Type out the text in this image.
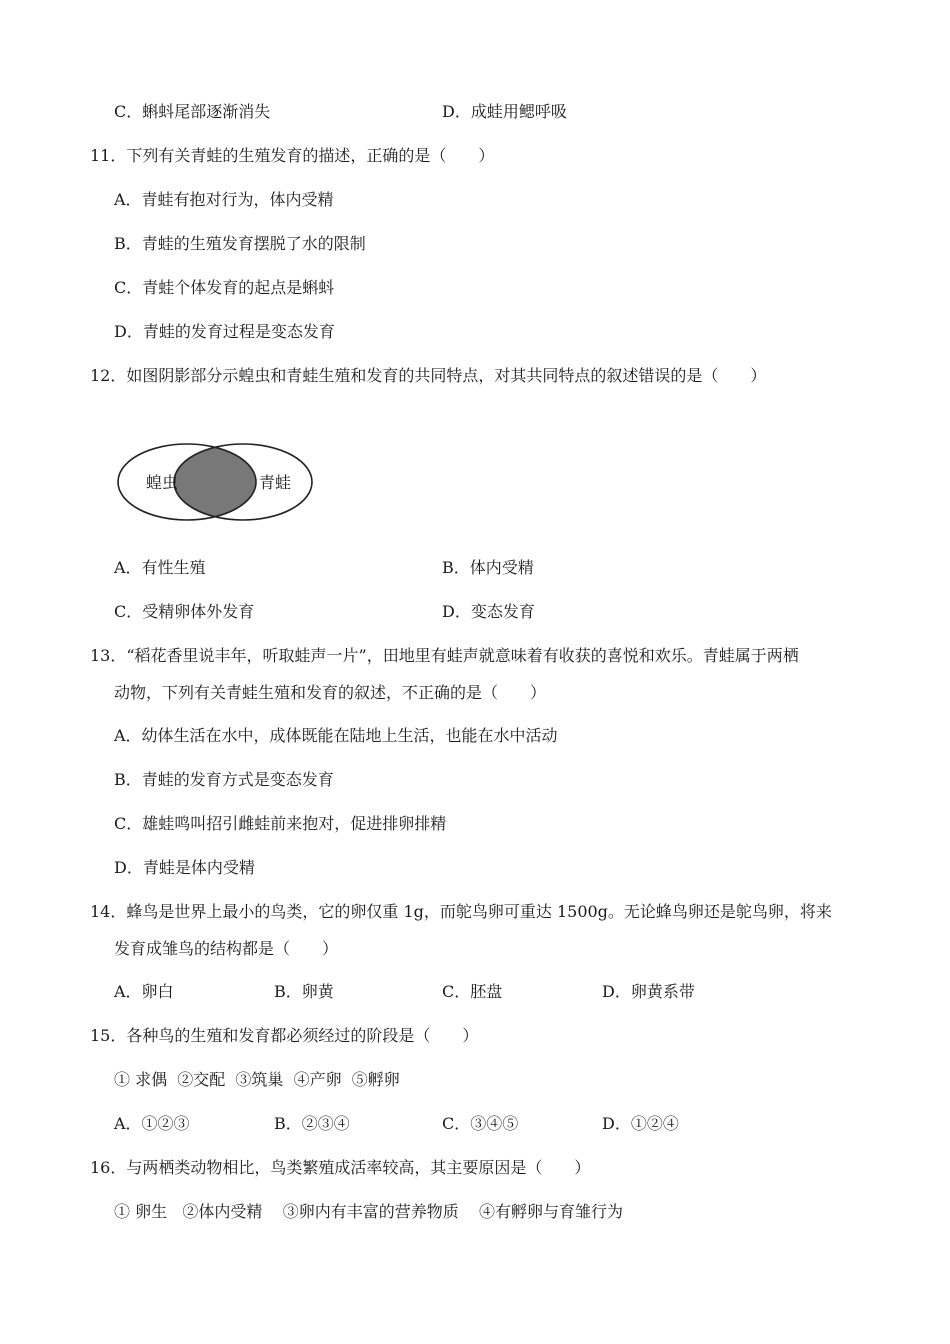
C．蝌蚪尾部逐渐消失	D．成蛙用鳃呼吸
11．下列有关青蛙的生殖发育的描述，正确的是（　　）
A．青蛙有抱对行为，体内受精
B．青蛙的生殖发育摆脱了水的限制
C．青蛙个体发育的起点是蝌蚪
D．青蛙的发育过程是变态发育
12．如图阴影部分示蝗虫和青蛙生殖和发育的共同特点，对其共同特点的叙述错误的是（　　）
蝗虫	青蛙
A．有性生殖	B．体内受精
C．受精卵体外发育	D．变态发育
13．“稻花香里说丰年，听取蛙声一片”，田地里有蛙声就意味着有收获的喜悦和欢乐。青蛙属于两栖
动物，下列有关青蛙生殖和发育的叙述，不正确的是（　　）
A．幼体生活在水中，成体既能在陆地上生活，也能在水中活动
B．青蛙的发育方式是变态发育
C．雄蛙鸣叫招引雌蛙前来抱对，促进排卵排精
D．青蛙是体内受精
14．蜂鸟是世界上最小的鸟类，它的卵仅重 1g，而鸵鸟卵可重达 1500g。无论蜂鸟卵还是鸵鸟卵，将来
发育成雏鸟的结构都是（　　）
A．卵白	B．卵黄	C．胚盘	D．卵黄系带
15．各种鸟的生殖和发育都必须经过的阶段是（　　）
① 求偶  ②交配  ③筑巢  ④产卵  ⑤孵卵
A．①②③	B．②③④	C．③④⑤	D．①②④
16．与两栖类动物相比，鸟类繁殖成活率较高，其主要原因是（　　）
① 卵生   ②体内受精    ③卵内有丰富的营养物质    ④有孵卵与育雏行为
